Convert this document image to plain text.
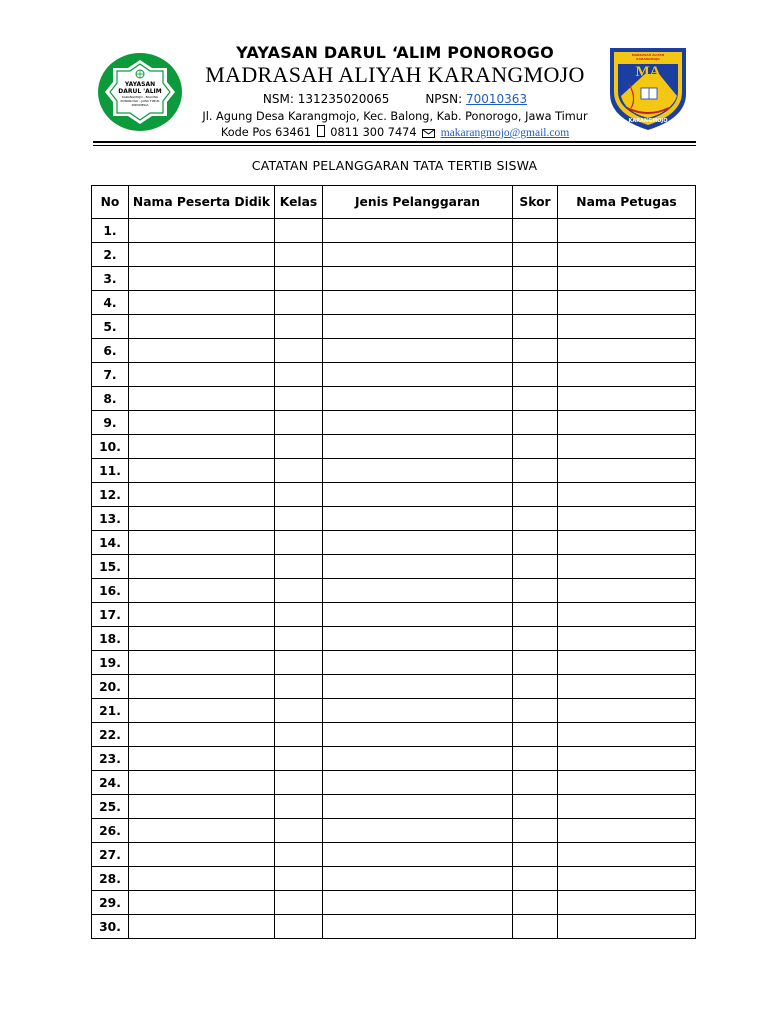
YAYASAN
DARUL 'ALIM
KARANGMOJO - BALONG
PONOROGO - JAWA TIMUR
INDONESIA
YAYASAN DARUL ‘ALIM PONOROGO
MADRASAH ALIYAH KARANGMOJO
NSM: 131235020065	NPSN: 70010363
Jl. Agung Desa Karangmojo, Kec. Balong, Kab. Ponorogo, Jawa Timur
Kode Pos 63461 0811 300 7474 makarangmojo@gmail.com
MADRASAH ALIYAH KARANGMOJO
MA
KARANGMOJO
CATATAN PELANGGARAN TATA TERTIB SISWA
No	Nama Peserta Didik	Kelas	Jenis Pelanggaran	Skor	Nama Petugas
1.					
2.					
3.					
4.					
5.					
6.					
7.					
8.					
9.					
10.					
11.					
12.					
13.					
14.					
15.					
16.					
17.					
18.					
19.					
20.					
21.					
22.					
23.					
24.					
25.					
26.					
27.					
28.					
29.					
30.					
